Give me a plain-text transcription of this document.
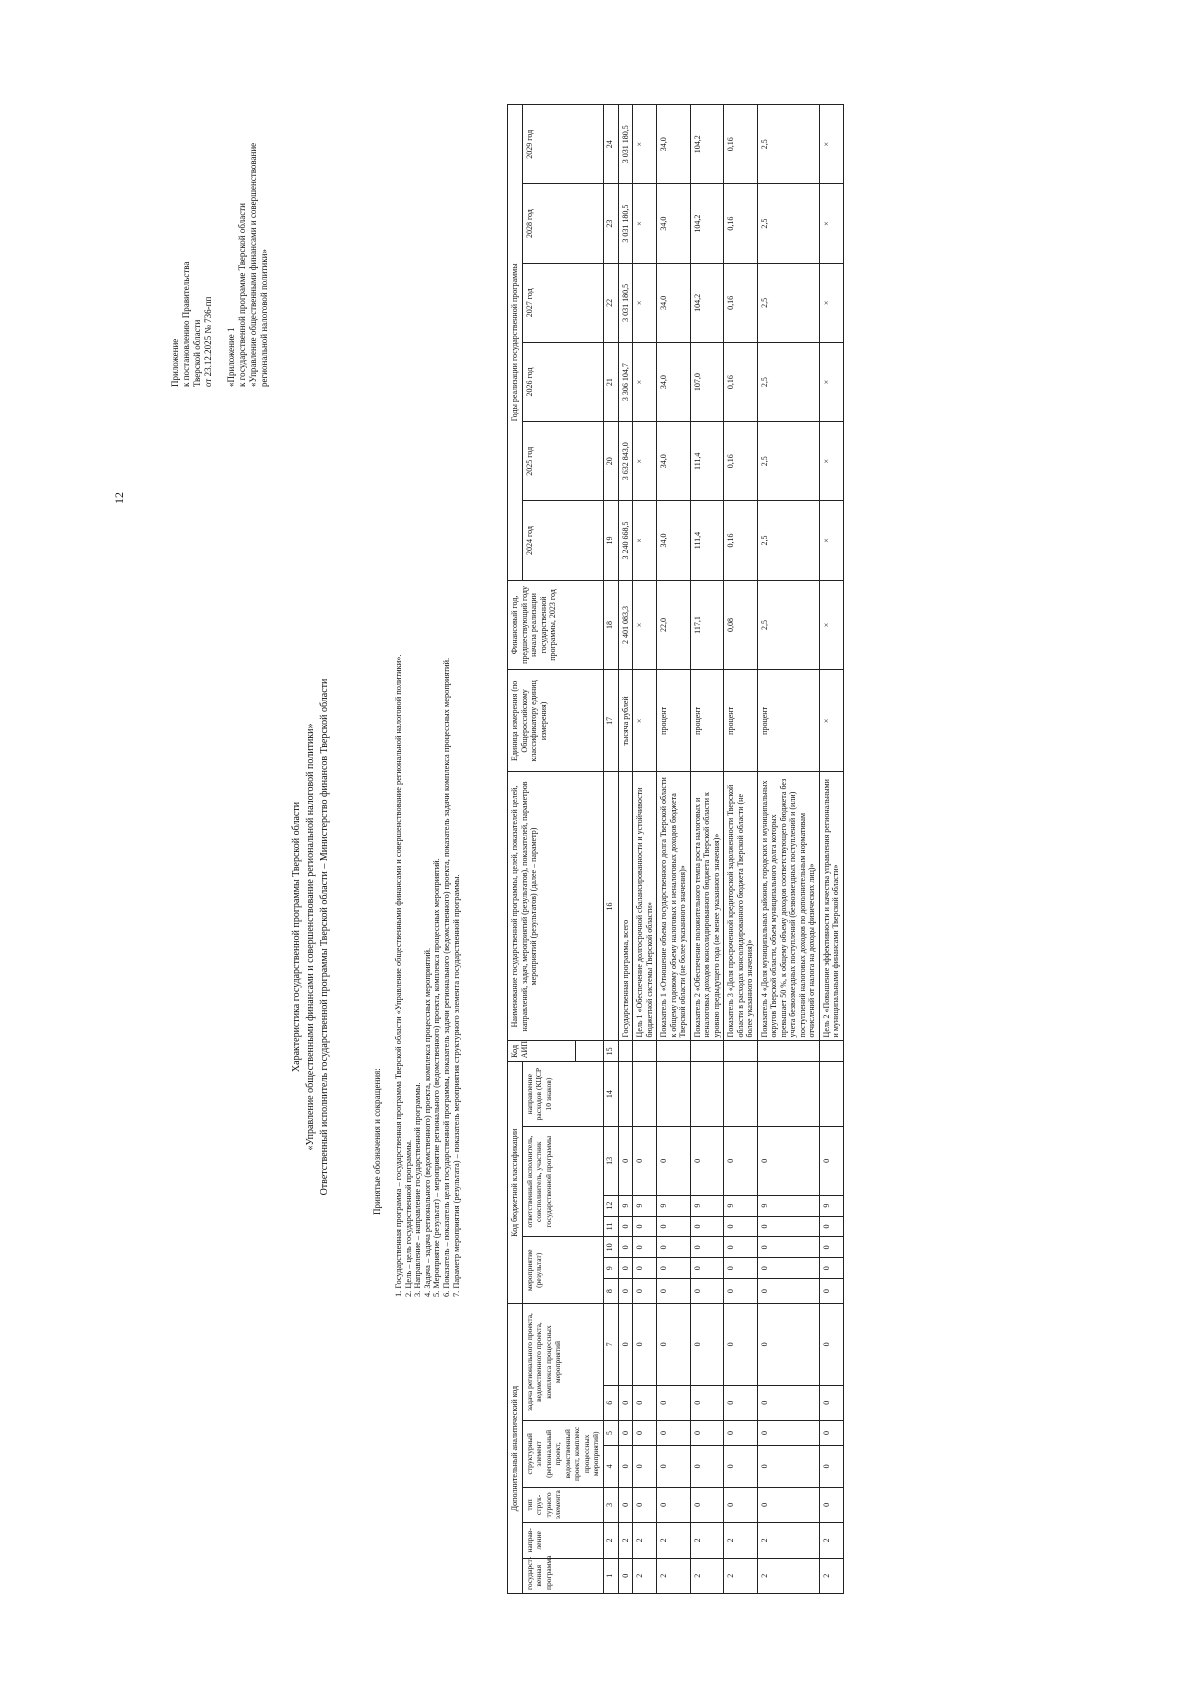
12
Приложение к постановлению Правительства Тверской области от 23.12.2025 № 736-пп «Приложение 1 к государственной программе Тверской области «Управление общественными финансами и совершенствование региональной налоговой политики»
Характеристика государственной программы Тверской области «Управление общественными финансами и совершенствование региональной налоговой политики» Ответственный исполнитель государственной программы Тверской области – Министерство финансов Тверской области	Принятые обозначения и сокращения: 1. Государственная программа – государственная программа Тверской области «Управление общественными финансами и совершенствование региональной налоговой политики». 2. Цель – цель государственной программы. 3. Направление – направление государственной программы. 4. Задача – задача регионального (ведомственного) проекта, комплекса процессных мероприятий. 5. Мероприятие (результат) – мероприятие регионального (ведомственного) проекта, комплекса процессных мероприятий. 6. Показатель – показатель цели государственной программы, показатель задачи регионального (ведомственного) проекта, показатель задачи комплекса процессных мероприятий. 7. Параметр мероприятия (результата) – показатель мероприятия структурного элемента государственной программы.
Дополнительный аналитический код							Код бюджетной классификации							Код АИП	Наименование государственной программы, целей, показателей целей, направлений, задач, мероприятий (результатов), показателей, параметров мероприятий (результатов) (далее – параметр)	Единица измерения (по Общероссийскому классификатору единиц измерения)	Финансовый год, предшествующий году начала реализации государственной программы, 2023 год	Годы реализации государственной программы					
государст-венная программа	направ-ление	тип струк-турного элемента	структурный элемент (региональный проект, ведомственный проект, комплекс процессных мероприятий)		задача регионального проекта, ведомственного проекта, комплекса процессных мероприятий		мероприятие (результат)			ответственный исполнитель, соисполнитель, участник государственной программы			направление расходов (КЦСР 10 знаков)					2024 год	2025 год	2026 год	2027 год	2028 год	2029 год

1	2	3	4	5	6	7	8	9	10	11	12	13	14	15	16	17	18	19	20	21	22	23	24
0	2	0	0	0	0	0	0	0	0	0	9	0			Государственная программа, всего	тысяча рублей	2 401 083,3	3 240 668,5	3 632 843,0	3 306 104,7	3 031 180,5	3 031 180,5	3 031 180,5
2	2	0	0	0	0	0	0	0	0	0	9	0			Цель 1 «Обеспечение долгосрочной сбалансированности и устойчивости бюджетной системы Тверской области»	×	×	×	×	×	×	×	×
2	2	0	0	0	0	0	0	0	0	0	9	0			Показатель 1 «Отношение объема государственного долга Тверской области к общему годовому объему налоговых и неналоговых доходов бюджета Тверской области (не более указанного значения)»	процент	22,0	34,0	34,0	34,0	34,0	34,0	34,0
2	2	0	0	0	0	0	0	0	0	0	9	0			Показатель 2 «Обеспечение положительного темпа роста налоговых и неналоговых доходов консолидированного бюджета Тверской области к уровню предыдущего года (не менее указанного значения)»	процент	117,1	111,4	111,4	107,0	104,2	104,2	104,2
2	2	0	0	0	0	0	0	0	0	0	9	0			Показатель 3 «Доля просроченной кредиторской задолженности Тверской области в расходах консолидированного бюджета Тверской области (не более указанного значения)»	процент	0,08	0,16	0,16	0,16	0,16	0,16	0,16
2	2	0	0	0	0	0	0	0	0	0	9	0			Показатель 4 «Доля муниципальных районов, городских и муниципальных округов Тверской области, объем муниципального долга которых превышает 50 %, к общему объему доходов соответствующего бюджета без учета безвозмездных поступлений (безвозмездных поступлений и (или) поступлений налоговых доходов по дополнительным нормативам отчислений от налога на доходы физических лиц)»	процент	2,5	2,5	2,5	2,5	2,5	2,5	2,5
2	2	0	0	0	0	0	0	0	0	0	9	0			Цель 2 «Повышение эффективности и качества управления региональными и муниципальными финансами Тверской области»	×	×	×	×	×	×	×	×
